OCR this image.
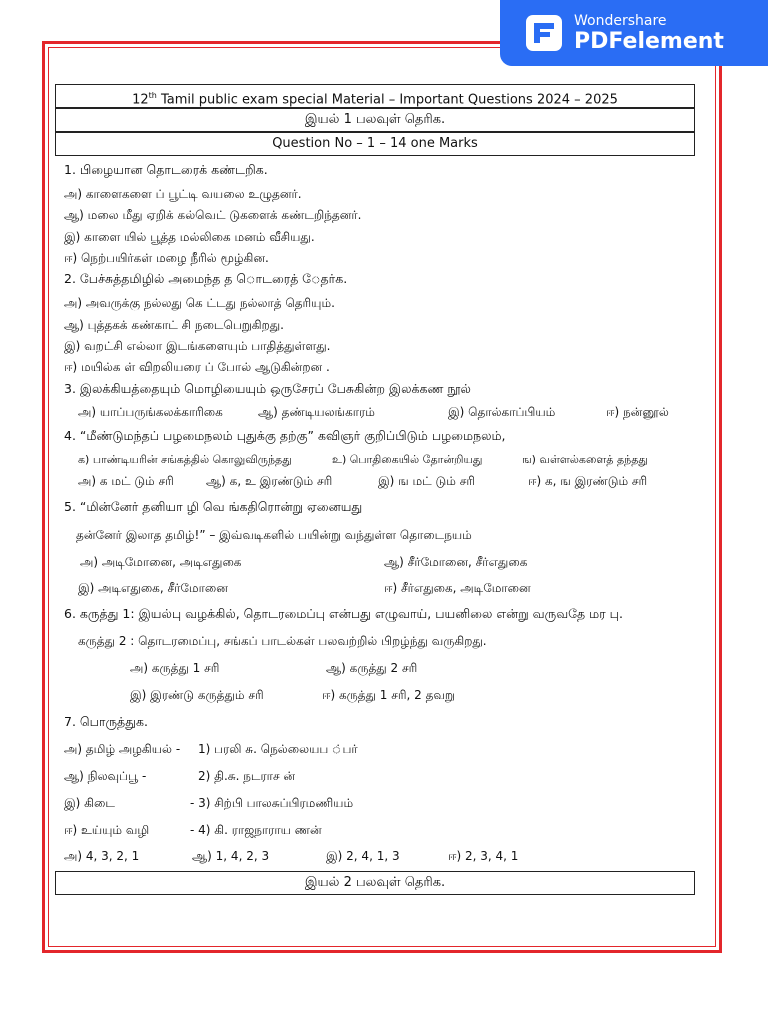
Wondershare
PDFelement
12th Tamil public exam special Material – Important Questions 2024 – 2025
இயல் 1 பலவுள் தெரிக.
Question No – 1 – 14 one Marks
1. பிழையான தொடரைக் கண்டறிக.
அ) காளைகளை ப் பூட்டி வயலை உழுதனர்.
ஆ) மலை மீது ஏறிக் கல்வெட் டுகளைக் கண்டறிந்தனர்.
இ) காளை யில் பூத்த மல்லிகை மனம் வீசியது.
ஈ) நெற்பயிர்கள் மழை நீரில் மூழ்கின.
2. பேச்சுத்தமிழில் அமைந்த த ொடரைத் ேதர்க.
அ) அவருக்கு நல்லது கெ ட்டது நல்லாத் தெரியும்.
ஆ) புத்தகக் கண்காட் சி நடைபெறுகிறது.
இ) வறட்சி எல்லா இடங்களையும் பாதித்துள்ளது.
ஈ) மயில்க ள் விறலியரை ப் போல் ஆடுகின்றன .
3. இலக்கியத்தையும் மொழியையும் ஒருசேரப் பேசுகின்ற இலக்கண நூல்
அ) யாப்பருங்கலக்காரிகை	ஆ) தண்டியலங்காரம்	இ) தொல்காப்பியம்	ஈ) நன்னூல்
4. “மீண்டுமந்தப் பழமைநலம் புதுக்கு தற்கு” கவிஞர் குறிப்பிடும் பழமைநலம்,
க) பாண்டியரின் சங்கத்தில் கொலுவிருந்தது	உ) பொதிகையில் தோன்றியது	ங) வள்ளல்களைத் தந்தது
அ) க மட் டும் சரி	ஆ) க, உ இரண்டும் சரி	இ) ங மட் டும் சரி	ஈ) க, ங இரண்டும் சரி
5. “மின்னேர் தனியா ழி வெ ங்கதிரொன்று ஏனையது
தன்னேர் இலாத தமிழ்!” – இவ்வடிகளில் பயின்று வந்துள்ள தொடைநயம்
அ) அடிமோனை, அடிஎதுகை	ஆ) சீர்மோனை, சீர்எதுகை
இ) அடிஎதுகை, சீர்மோனை	ஈ) சீர்எதுகை, அடிமோனை
6. கருத்து 1: இயல்பு வழக்கில், தொடரமைப்பு என்பது எழுவாய், பயனிலை என்று வருவதே மர பு.
கருத்து 2 : தொடரமைப்பு, சங்கப் பாடல்கள் பலவற்றில் பிறழ்ந்து வருகிறது.
அ) கருத்து 1 சரி	ஆ) கருத்து 2 சரி
இ) இரண்டு கருத்தும் சரி	ஈ) கருத்து 1 சரி, 2 தவறு
7. பொருத்துக.
அ) தமிழ் அழகியல் - 1) பரலி சு. நெல்லையப ்பர்
ஆ) நிலவுப்பூ -	2) தி.சு. நடராச ன்
இ) கிடை	- 3) சிற்பி பாலசுப்பிரமணியம்
ஈ) உய்யும் வழி	- 4) கி. ராஜநாராய ணன்
அ) 4, 3, 2, 1	ஆ) 1, 4, 2, 3	இ) 2, 4, 1, 3	ஈ) 2, 3, 4, 1
இயல் 2 பலவுள் தெரிக.
